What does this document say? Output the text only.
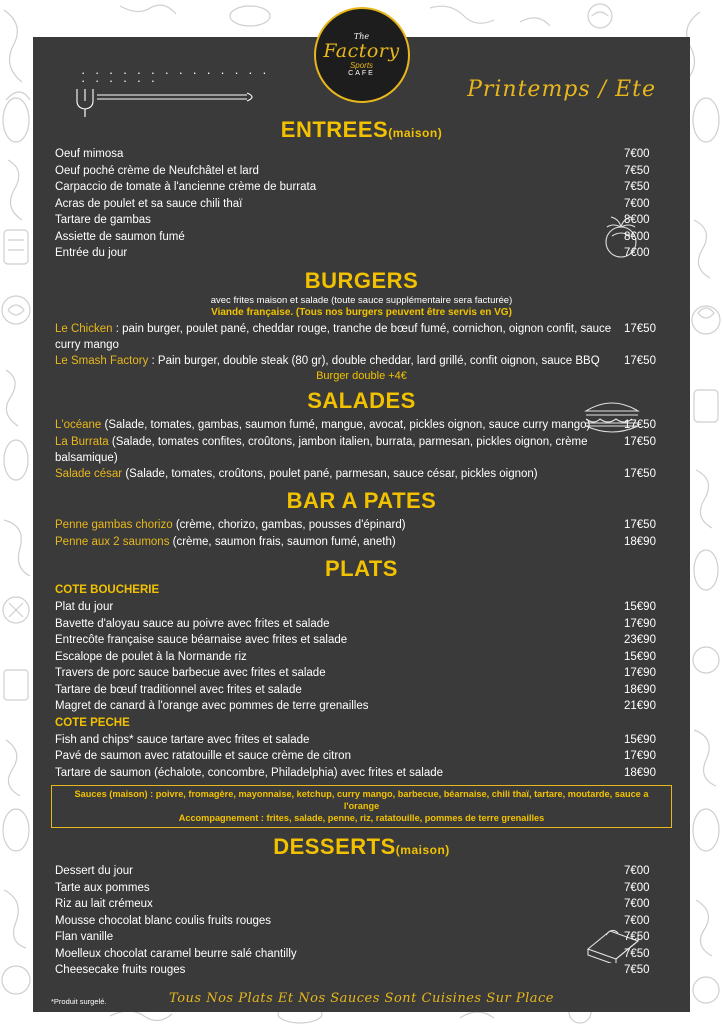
The
Factory
Sports
CAFE
· · · · · · · · · · · · · · · · · · · ·	Printemps / Ete
ENTREES(maison)
Oeuf mimosa	7€00
Oeuf poché crème de Neufchâtel et lard	7€50
Carpaccio de tomate à l'ancienne crème de burrata	7€50
Acras de poulet et sa sauce chili thaï	7€00
Tartare de gambas	8€00
Assiette de saumon fumé	8€00
Entrée du jour	7€00
BURGERS
avec frites maison et salade (toute sauce supplémentaire sera facturée)
Viande française. (Tous nos burgers peuvent être servis en VG)
Le Chicken : pain burger, poulet pané, cheddar rouge, tranche de bœuf fumé, cornichon, oignon confit, sauce curry mango
17€50
Le Smash Factory : Pain burger, double steak (80 gr), double cheddar, lard grillé, confit oignon, sauce BBQ	17€50
Burger double +4€
SALADES
L'océane (Salade, tomates, gambas, saumon fumé, mangue, avocat, pickles oignon, sauce curry mango)	17€50
La Burrata (Salade, tomates confites, croûtons, jambon italien, burrata, parmesan, pickles oignon, crème balsamique)
17€50
Salade césar (Salade, tomates, croûtons, poulet pané, parmesan, sauce césar, pickles oignon)	17€50
BAR A PATES
Penne gambas chorizo (crème, chorizo, gambas, pousses d'épinard)	17€50
Penne aux 2 saumons (crème, saumon frais, saumon fumé, aneth)	18€90
PLATS
COTE BOUCHERIE
Plat du jour	15€90
Bavette d'aloyau sauce au poivre avec frites et salade	17€90
Entrecôte française sauce béarnaise avec frites et salade	23€90
Escalope de poulet à la Normande riz	15€90
Travers de porc sauce barbecue avec frites et salade	17€90
Tartare de bœuf traditionnel avec frites et salade	18€90
Magret de canard à l'orange avec pommes de terre grenailles	21€90
COTE PECHE
Fish and chips* sauce tartare avec frites et salade	15€90
Pavé de saumon avec ratatouille et sauce crème de citron	17€90
Tartare de saumon (échalote, concombre, Philadelphia) avec frites et salade	18€90
Sauces (maison) : poivre, fromagère, mayonnaise, ketchup, curry mango, barbecue, béarnaise, chili thaï, tartare, moutarde, sauce a l'orange
Accompagnement : frites, salade, penne, riz, ratatouille, pommes de terre grenailles
DESSERTS(maison)
Dessert du jour	7€00
Tarte aux pommes	7€00
Riz au lait crémeux	7€00
Mousse chocolat blanc coulis fruits rouges	7€00
Flan vanille	7€50
Moelleux chocolat caramel beurre salé chantilly	7€50
Cheesecake fruits rouges	7€50
Tous Nos Plats Et Nos Sauces Sont Cuisines Sur Place
*Produit surgelé.
